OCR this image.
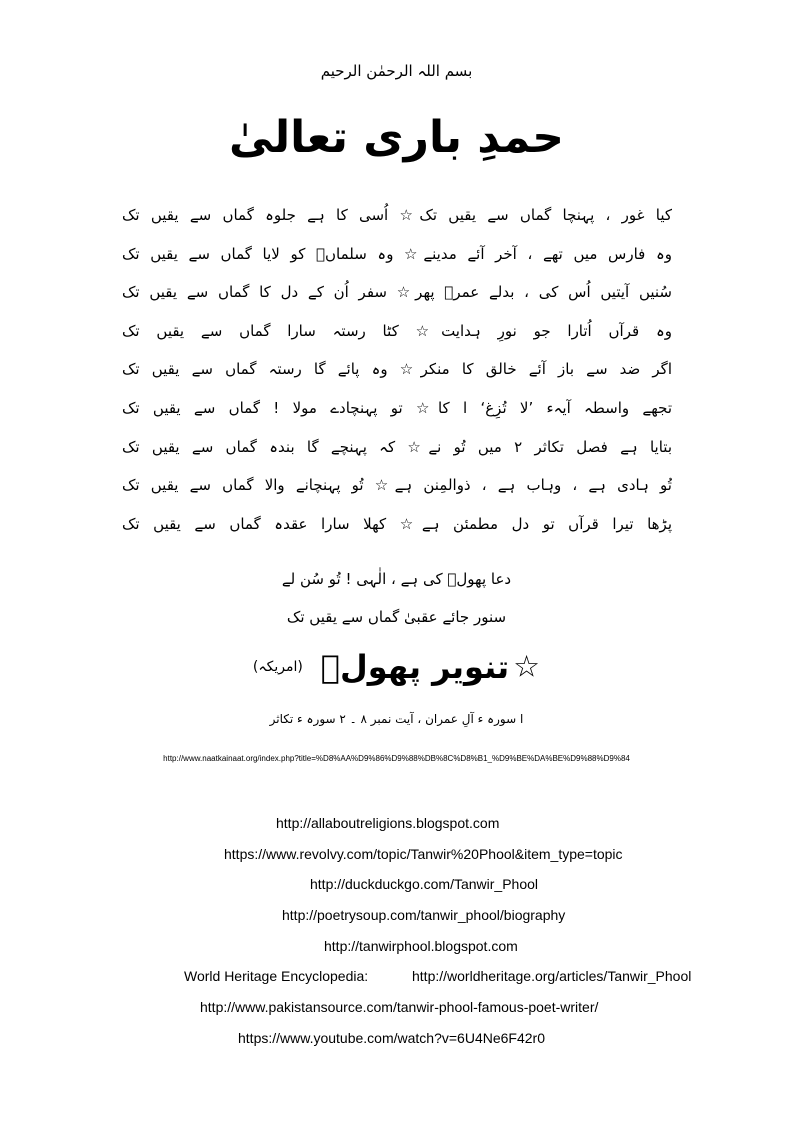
بسم اللہ الرحمٰن الرحیم
حمدِ باری تعالیٰ
کیا غور ، پہنچا گماں سے یقیں تک☆ اُسی کا ہے جلوہ گماں سے یقیں تک
وہ فارس میں تھے ، آخر آئے مدینے☆ وہ سلماںؓ کو لایا گماں سے یقیں تک
سُنیں آیتیں اُس کی ، بدلے عمرؓ پھر☆ سفر اُن کے دل کا گماں سے یقیں تک
وہ قرآں اُتارا جو نورِ ہدایت☆ کٹا رستہ سارا گماں سے یقیں تک
اگر ضد سے باز آئے خالق کا منکر☆ وہ پائے گا رستہ گماں سے یقیں تک
تجھے واسطہ آیہء ’لا تُزِغ‘ ا کا☆ تو پہنچادے مولا ! گماں سے یقیں تک
بتایا ہے فصل تکاثر ۲ میں تُو نے☆ کہ پہنچے گا بندہ گماں سے یقیں تک
تُو ہادی ہے ، وہاب ہے ، ذوالمِنن ہے☆ تُو پہنچانے والا گماں سے یقیں تک
پڑھا تیرا قرآں تو دل مطمئن ہے☆ کھلا سارا عقدہ گماں سے یقیں تک
دعا پھولؔ کی ہے ، الٰہی ! تُو سُن لے
سنور جائے عقبیٰ گماں سے یقیں تک
☆تنویر پھولؔ(امریکہ)
ا سورہ ء آلِ عمران ، آیت نمبر ۸ ۔ ۲ سورہ ء تکاثر
http://www.naatkainaat.org/index.php?title=%D8%AA%D9%86%D9%88%DB%8C%D8%B1_%D9%BE%DA%BE%D9%88%D9%84
http://allaboutreligions.blogspot.com
https://www.revolvy.com/topic/Tanwir%20Phool&item_type=topic
http://duckduckgo.com/Tanwir_Phool
http://poetrysoup.com/tanwir_phool/biography
http://tanwirphool.blogspot.com
World Heritage Encyclopedia:	http://worldheritage.org/articles/Tanwir_Phool
http://www.pakistansource.com/tanwir-phool-famous-poet-writer/
https://www.youtube.com/watch?v=6U4Ne6F42r0
